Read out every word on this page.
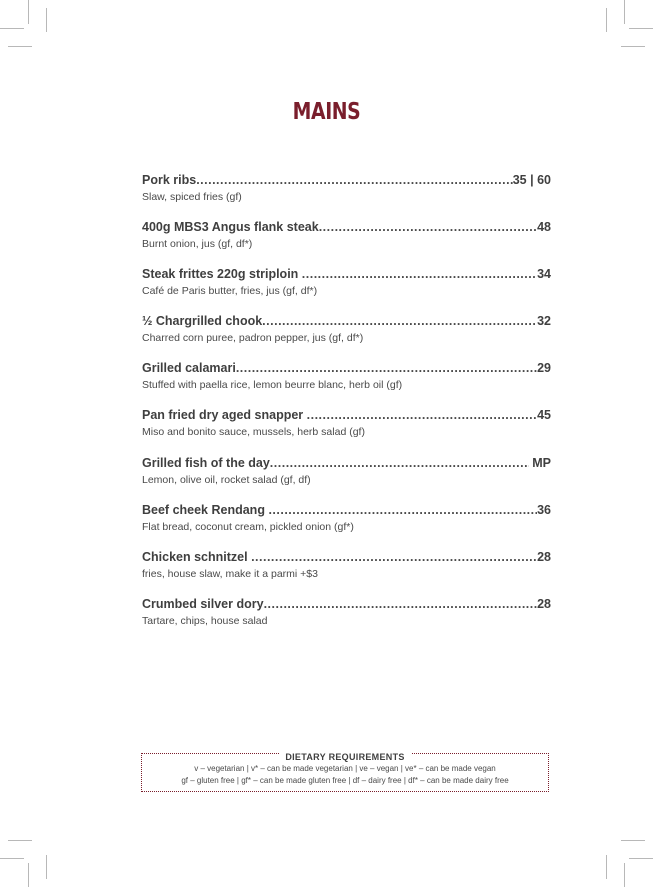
MAINS
Pork ribs .....	35 | 60
Slaw, spiced fries (gf)
400g MBS3 Angus flank steak .....	48
Burnt onion, jus (gf, df*)
Steak frittes 220g striploin .....	34
Café de Paris butter, fries, jus (gf, df*)
½ Chargrilled chook .....	32
Charred corn puree, padron pepper, jus (gf, df*)
Grilled calamari .....	29
Stuffed with paella rice, lemon beurre blanc, herb oil (gf)
Pan fried dry aged snapper .....	45
Miso and bonito sauce, mussels, herb salad (gf)
Grilled fish of the day .....	MP
Lemon, olive oil, rocket salad (gf, df)
Beef cheek Rendang .....	36
Flat bread, coconut cream, pickled onion (gf*)
Chicken schnitzel .....	28
fries, house slaw, make it a parmi +$3
Crumbed silver dory .....	28
Tartare, chips, house salad
DIETARY REQUIREMENTS
v – vegetarian | v* – can be made vegetarian | ve – vegan | ve* – can be made vegan
gf – gluten free | gf* – can be made gluten free | df – dairy free | df* – can be made dairy free
